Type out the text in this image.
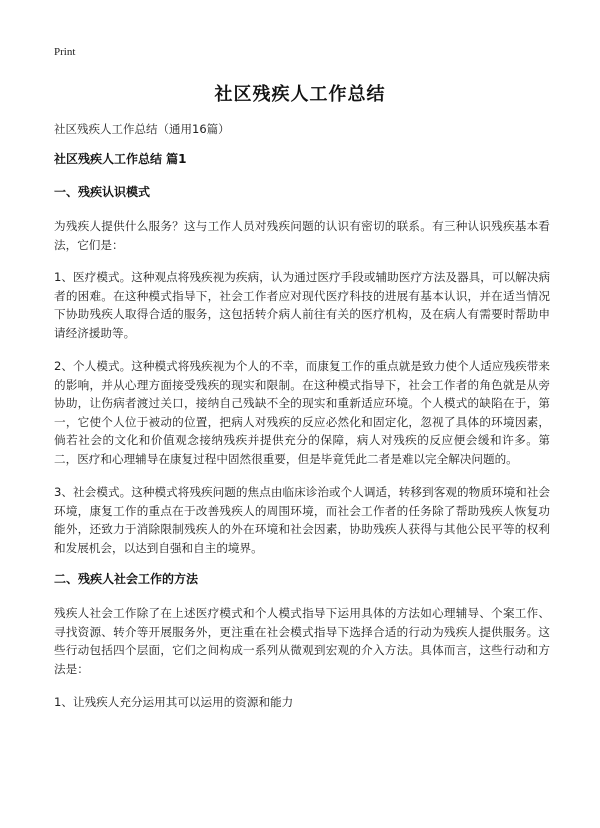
Print
社区残疾人工作总结

社区残疾人工作总结（通用16篇）

社区残疾人工作总结 篇1
一、残疾认识模式

为残疾人提供什么服务？这与工作人员对残疾问题的认识有密切的联系。有三种认识残疾基本看法，它们是：

1、医疗模式。这种观点将残疾视为疾病，认为通过医疗手段或辅助医疗方法及器具，可以解决病者的困难。在这种模式指导下，社会工作者应对现代医疗科技的进展有基本认识，并在适当情况下协助残疾人取得合适的服务，这包括转介病人前往有关的医疗机构，及在病人有需要时帮助申请经济援助等。

2、个人模式。这种模式将残疾视为个人的不幸，而康复工作的重点就是致力使个人适应残疾带来的影响，并从心理方面接受残疾的现实和限制。在这种模式指导下，社会工作者的角色就是从旁协助，让伤病者渡过关口，接纳自己残缺不全的现实和重新适应环境。个人模式的缺陷在于，第一，它使个人位于被动的位置，把病人对残疾的反应必然化和固定化，忽视了具体的环境因素，倘若社会的文化和价值观念接纳残疾并提供充分的保障，病人对残疾的反应便会缓和许多。第二，医疗和心理辅导在康复过程中固然很重要，但是毕竟凭此二者是难以完全解决问题的。

3、社会模式。这种模式将残疾问题的焦点由临床诊治或个人调适，转移到客观的物质环境和社会环境，康复工作的重点在于改善残疾人的周围环境，而社会工作者的任务除了帮助残疾人恢复功能外，还致力于消除限制残疾人的外在环境和社会因素，协助残疾人获得与其他公民平等的权利和发展机会，以达到自强和自主的境界。

二、残疾人社会工作的方法

残疾人社会工作除了在上述医疗模式和个人模式指导下运用具体的方法如心理辅导、个案工作、寻找资源、转介等开展服务外，更注重在社会模式指导下选择合适的行动为残疾人提供服务。这些行动包括四个层面，它们之间构成一系列从微观到宏观的介入方法。具体而言，这些行动和方法是：

1、让残疾人充分运用其可以运用的资源和能力
